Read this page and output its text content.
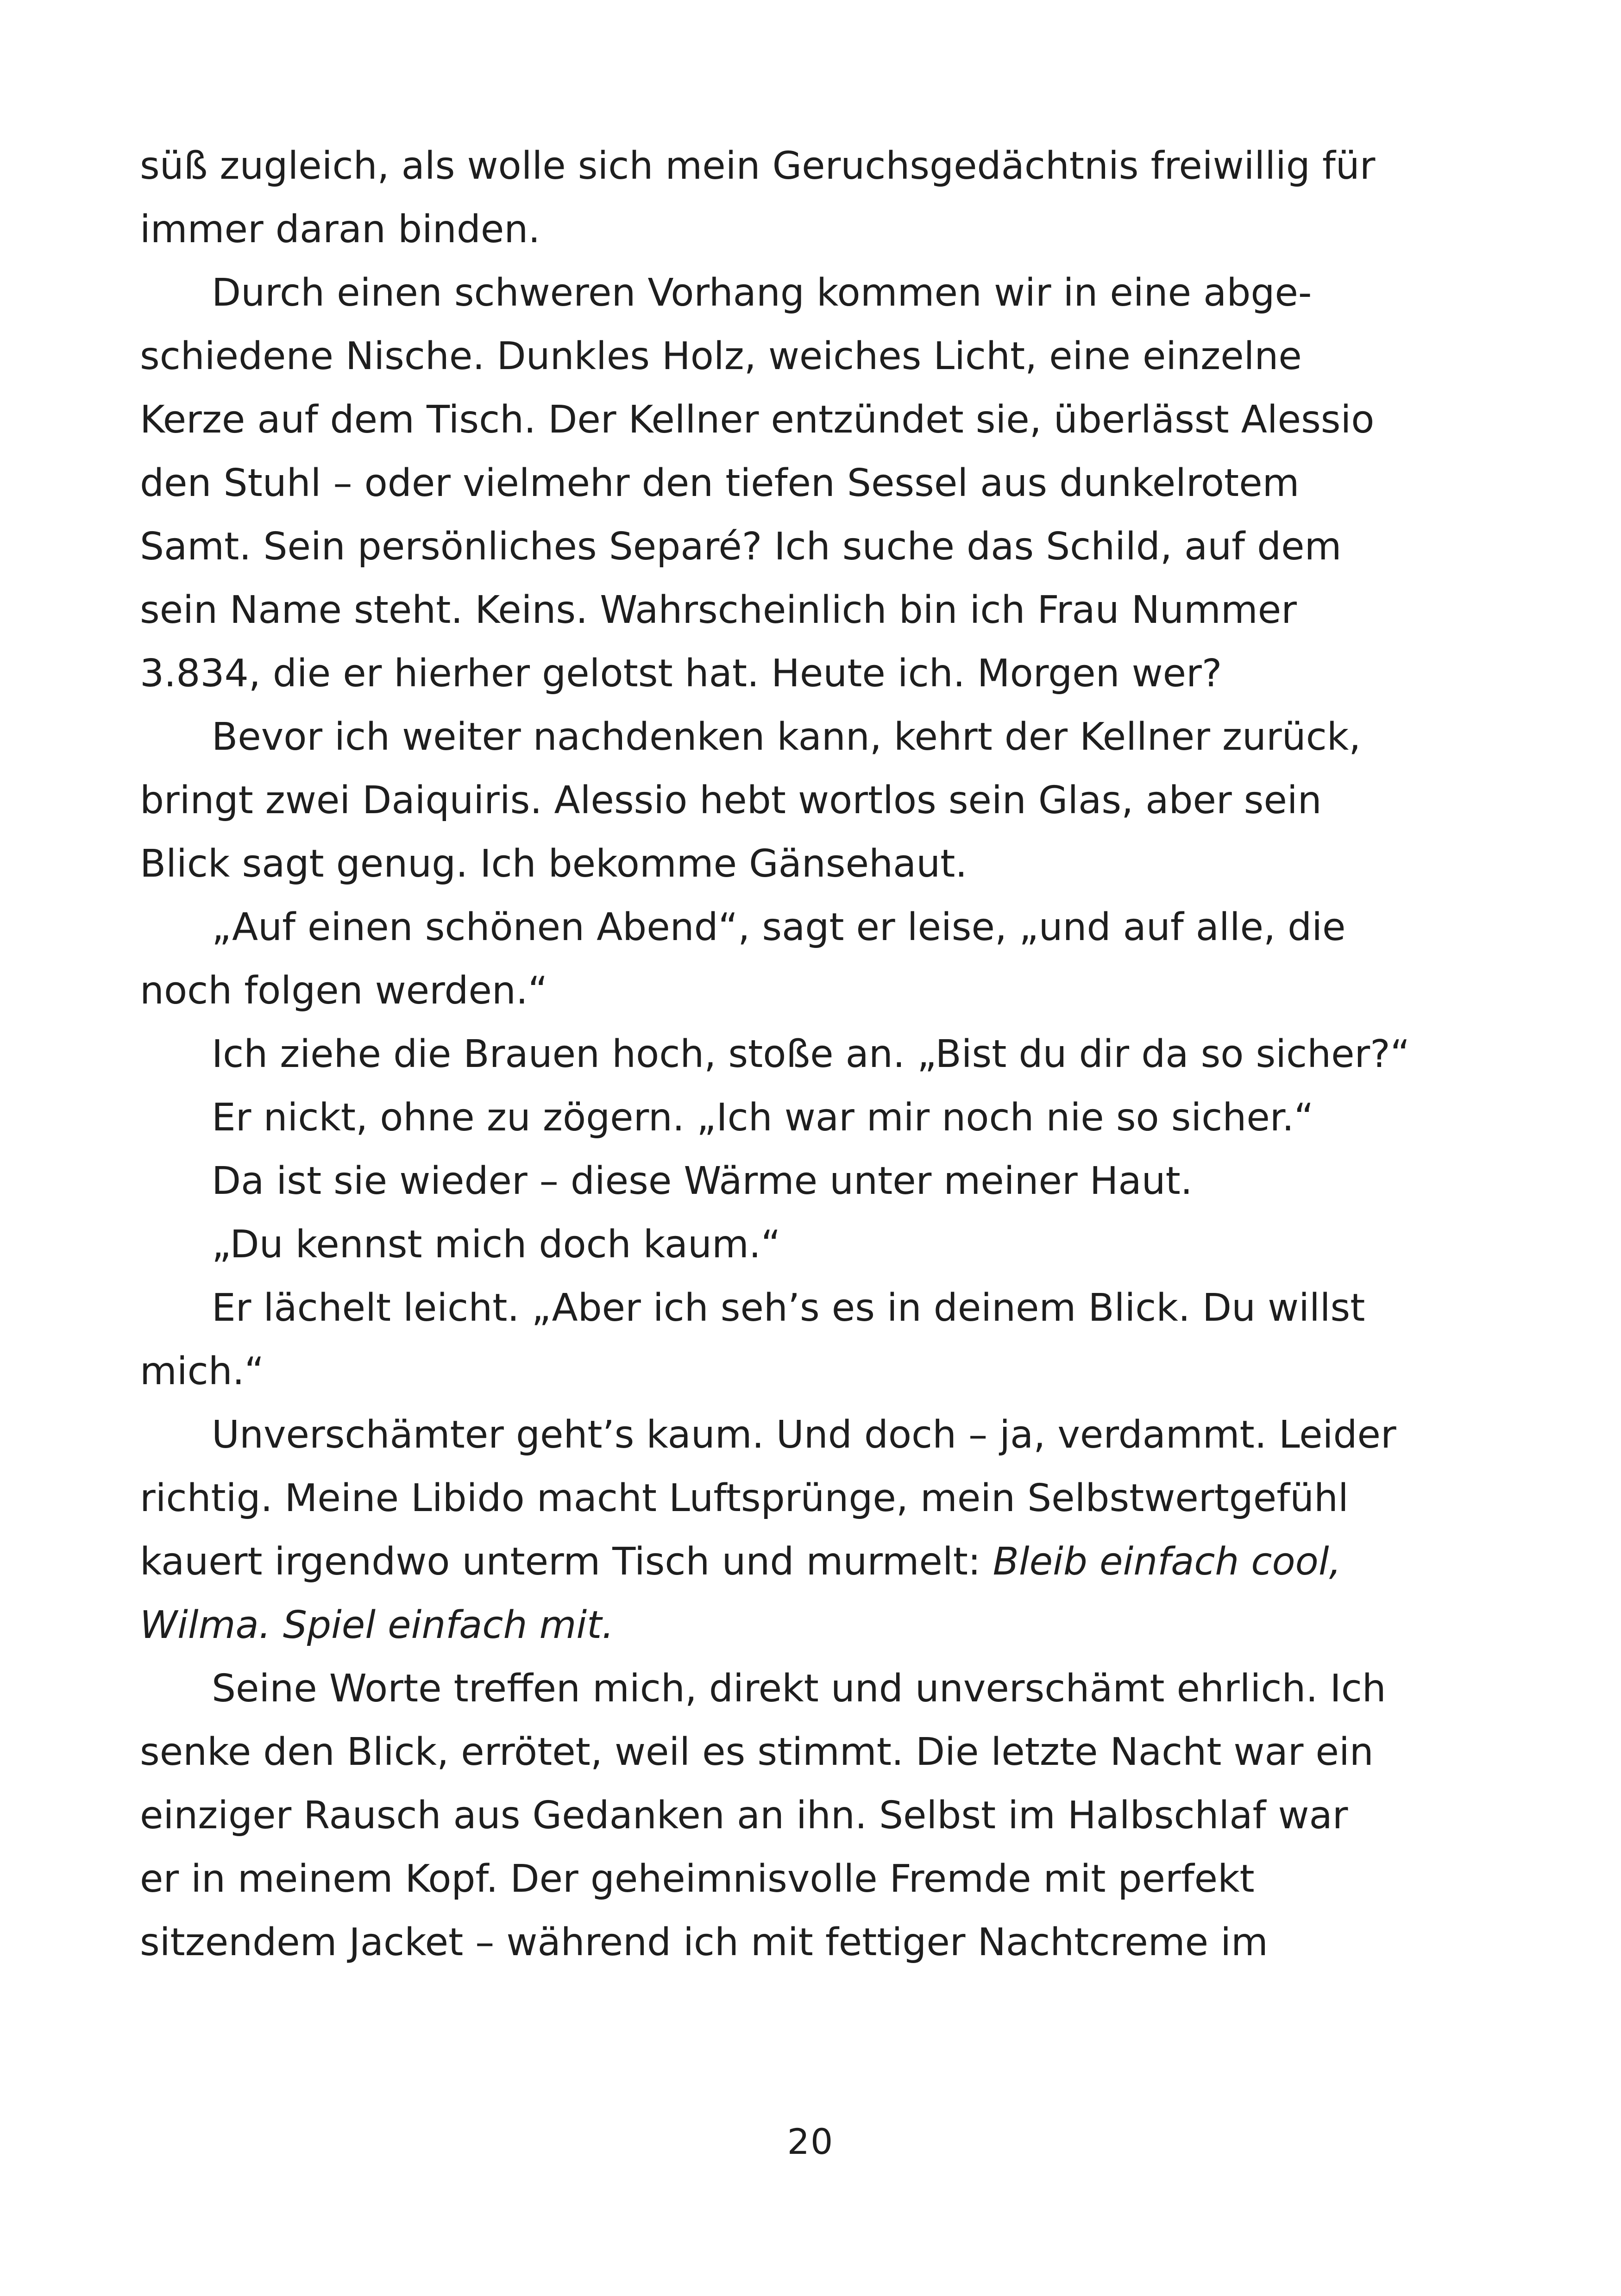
süß zugleich, als wolle sich mein Geruchsgedächtnis freiwillig für
immer daran binden.
Durch einen schweren Vorhang kommen wir in eine abge-
schiedene Nische. Dunkles Holz, weiches Licht, eine einzelne
Kerze auf dem Tisch. Der Kellner entzündet sie, überlässt Alessio
den Stuhl – oder vielmehr den tiefen Sessel aus dunkelrotem
Samt. Sein persönliches Separé? Ich suche das Schild, auf dem
sein Name steht. Keins. Wahrscheinlich bin ich Frau Nummer
3.834, die er hierher gelotst hat. Heute ich. Morgen wer?
Bevor ich weiter nachdenken kann, kehrt der Kellner zurück,
bringt zwei Daiquiris. Alessio hebt wortlos sein Glas, aber sein
Blick sagt genug. Ich bekomme Gänsehaut.
„Auf einen schönen Abend“, sagt er leise, „und auf alle, die
noch folgen werden.“
Ich ziehe die Brauen hoch, stoße an. „Bist du dir da so sicher?“
Er nickt, ohne zu zögern. „Ich war mir noch nie so sicher.“
Da ist sie wieder – diese Wärme unter meiner Haut.
„Du kennst mich doch kaum.“
Er lächelt leicht. „Aber ich seh’s es in deinem Blick. Du willst
mich.“
Unverschämter geht’s kaum. Und doch – ja, verdammt. Leider
richtig. Meine Libido macht Luftsprünge, mein Selbstwertgefühl
kauert irgendwo unterm Tisch und murmelt: Bleib einfach cool,
Wilma. Spiel einfach mit.
Seine Worte treffen mich, direkt und unverschämt ehrlich. Ich
senke den Blick, errötet, weil es stimmt. Die letzte Nacht war ein
einziger Rausch aus Gedanken an ihn. Selbst im Halbschlaf war
er in meinem Kopf. Der geheimnisvolle Fremde mit perfekt
sitzendem Jacket – während ich mit fettiger Nachtcreme im
20
